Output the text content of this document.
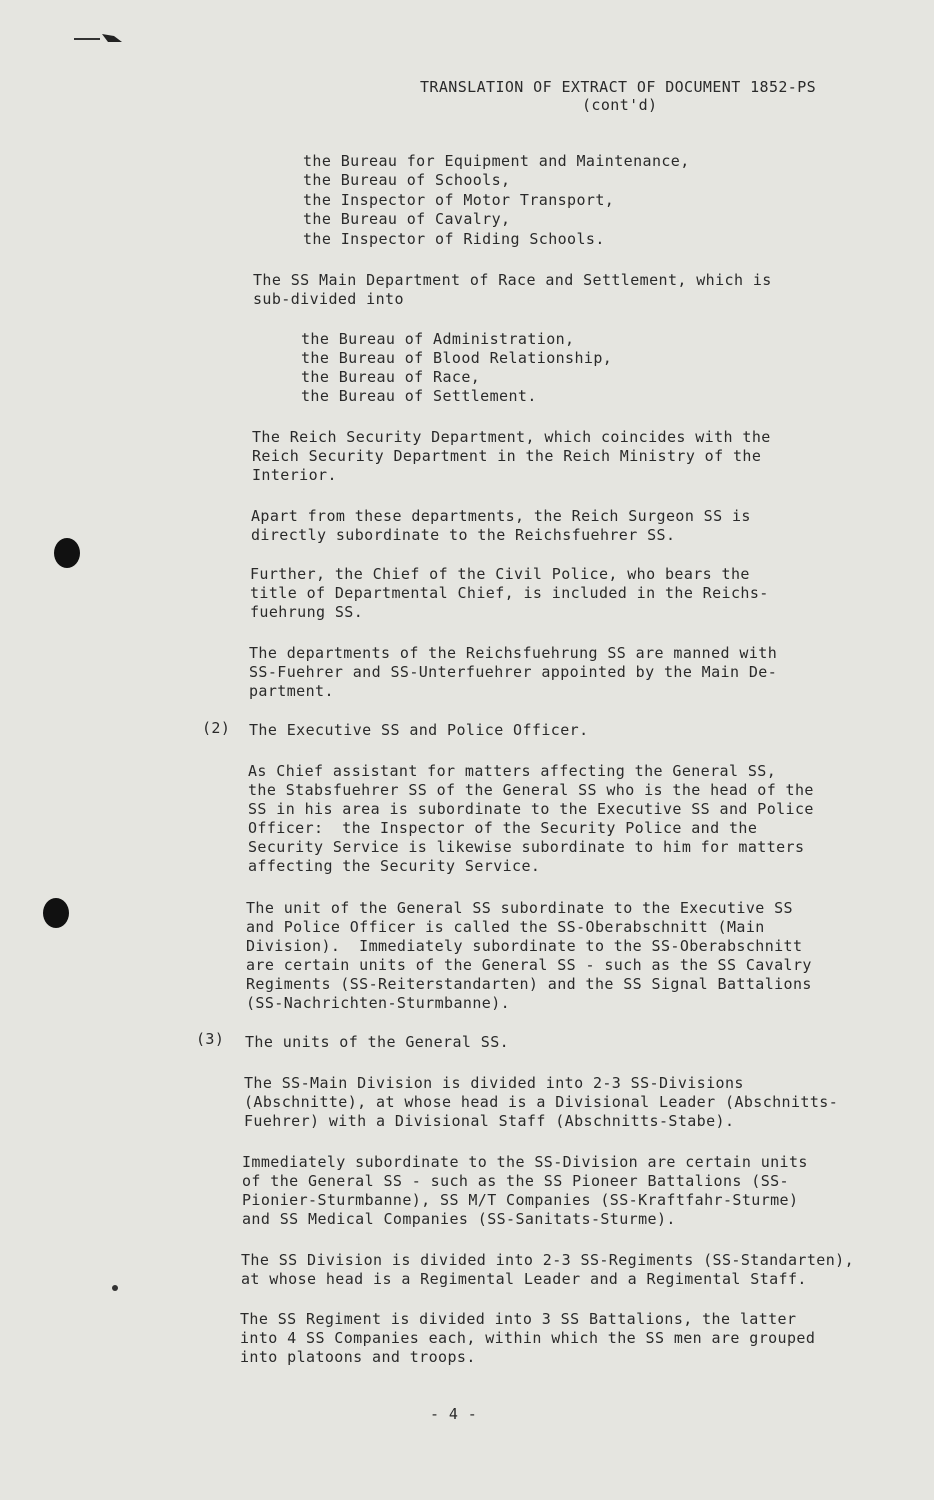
TRANSLATION OF EXTRACT OF DOCUMENT 1852-PS
(cont'd)
the Bureau for Equipment and Maintenance,
the Bureau of Schools,
the Inspector of Motor Transport,
the Bureau of Cavalry,
the Inspector of Riding Schools.
The SS Main Department of Race and Settlement, which is
sub-divided into
the Bureau of Administration,
the Bureau of Blood Relationship,
the Bureau of Race,
the Bureau of Settlement.
The Reich Security Department, which coincides with the
Reich Security Department in the Reich Ministry of the
Interior.
Apart from these departments, the Reich Surgeon SS is
directly subordinate to the Reichsfuehrer SS.
Further, the Chief of the Civil Police, who bears the
title of Departmental Chief, is included in the Reichs-
fuehrung SS.
The departments of the Reichsfuehrung SS are manned with
SS-Fuehrer and SS-Unterfuehrer appointed by the Main De-
partment.
(2) The Executive SS and Police Officer.
As Chief assistant for matters affecting the General SS,
the Stabsfuehrer SS of the General SS who is the head of the
SS in his area is subordinate to the Executive SS and Police
Officer:  the Inspector of the Security Police and the
Security Service is likewise subordinate to him for matters
affecting the Security Service.
The unit of the General SS subordinate to the Executive SS
and Police Officer is called the SS-Oberabschnitt (Main
Division).  Immediately subordinate to the SS-Oberabschnitt
are certain units of the General SS - such as the SS Cavalry
Regiments (SS-Reiterstandarten) and the SS Signal Battalions
(SS-Nachrichten-Sturmbanne).
(3) The units of the General SS.
The SS-Main Division is divided into 2-3 SS-Divisions
(Abschnitte), at whose head is a Divisional Leader (Abschnitts-
Fuehrer) with a Divisional Staff (Abschnitts-Stabe).
Immediately subordinate to the SS-Division are certain units
of the General SS - such as the SS Pioneer Battalions (SS-
Pionier-Sturmbanne), SS M/T Companies (SS-Kraftfahr-Sturme)
and SS Medical Companies (SS-Sanitats-Sturme).
The SS Division is divided into 2-3 SS-Regiments (SS-Standarten),
at whose head is a Regimental Leader and a Regimental Staff.
The SS Regiment is divided into 3 SS Battalions, the latter
into 4 SS Companies each, within which the SS men are grouped
into platoons and troops.
- 4 -
